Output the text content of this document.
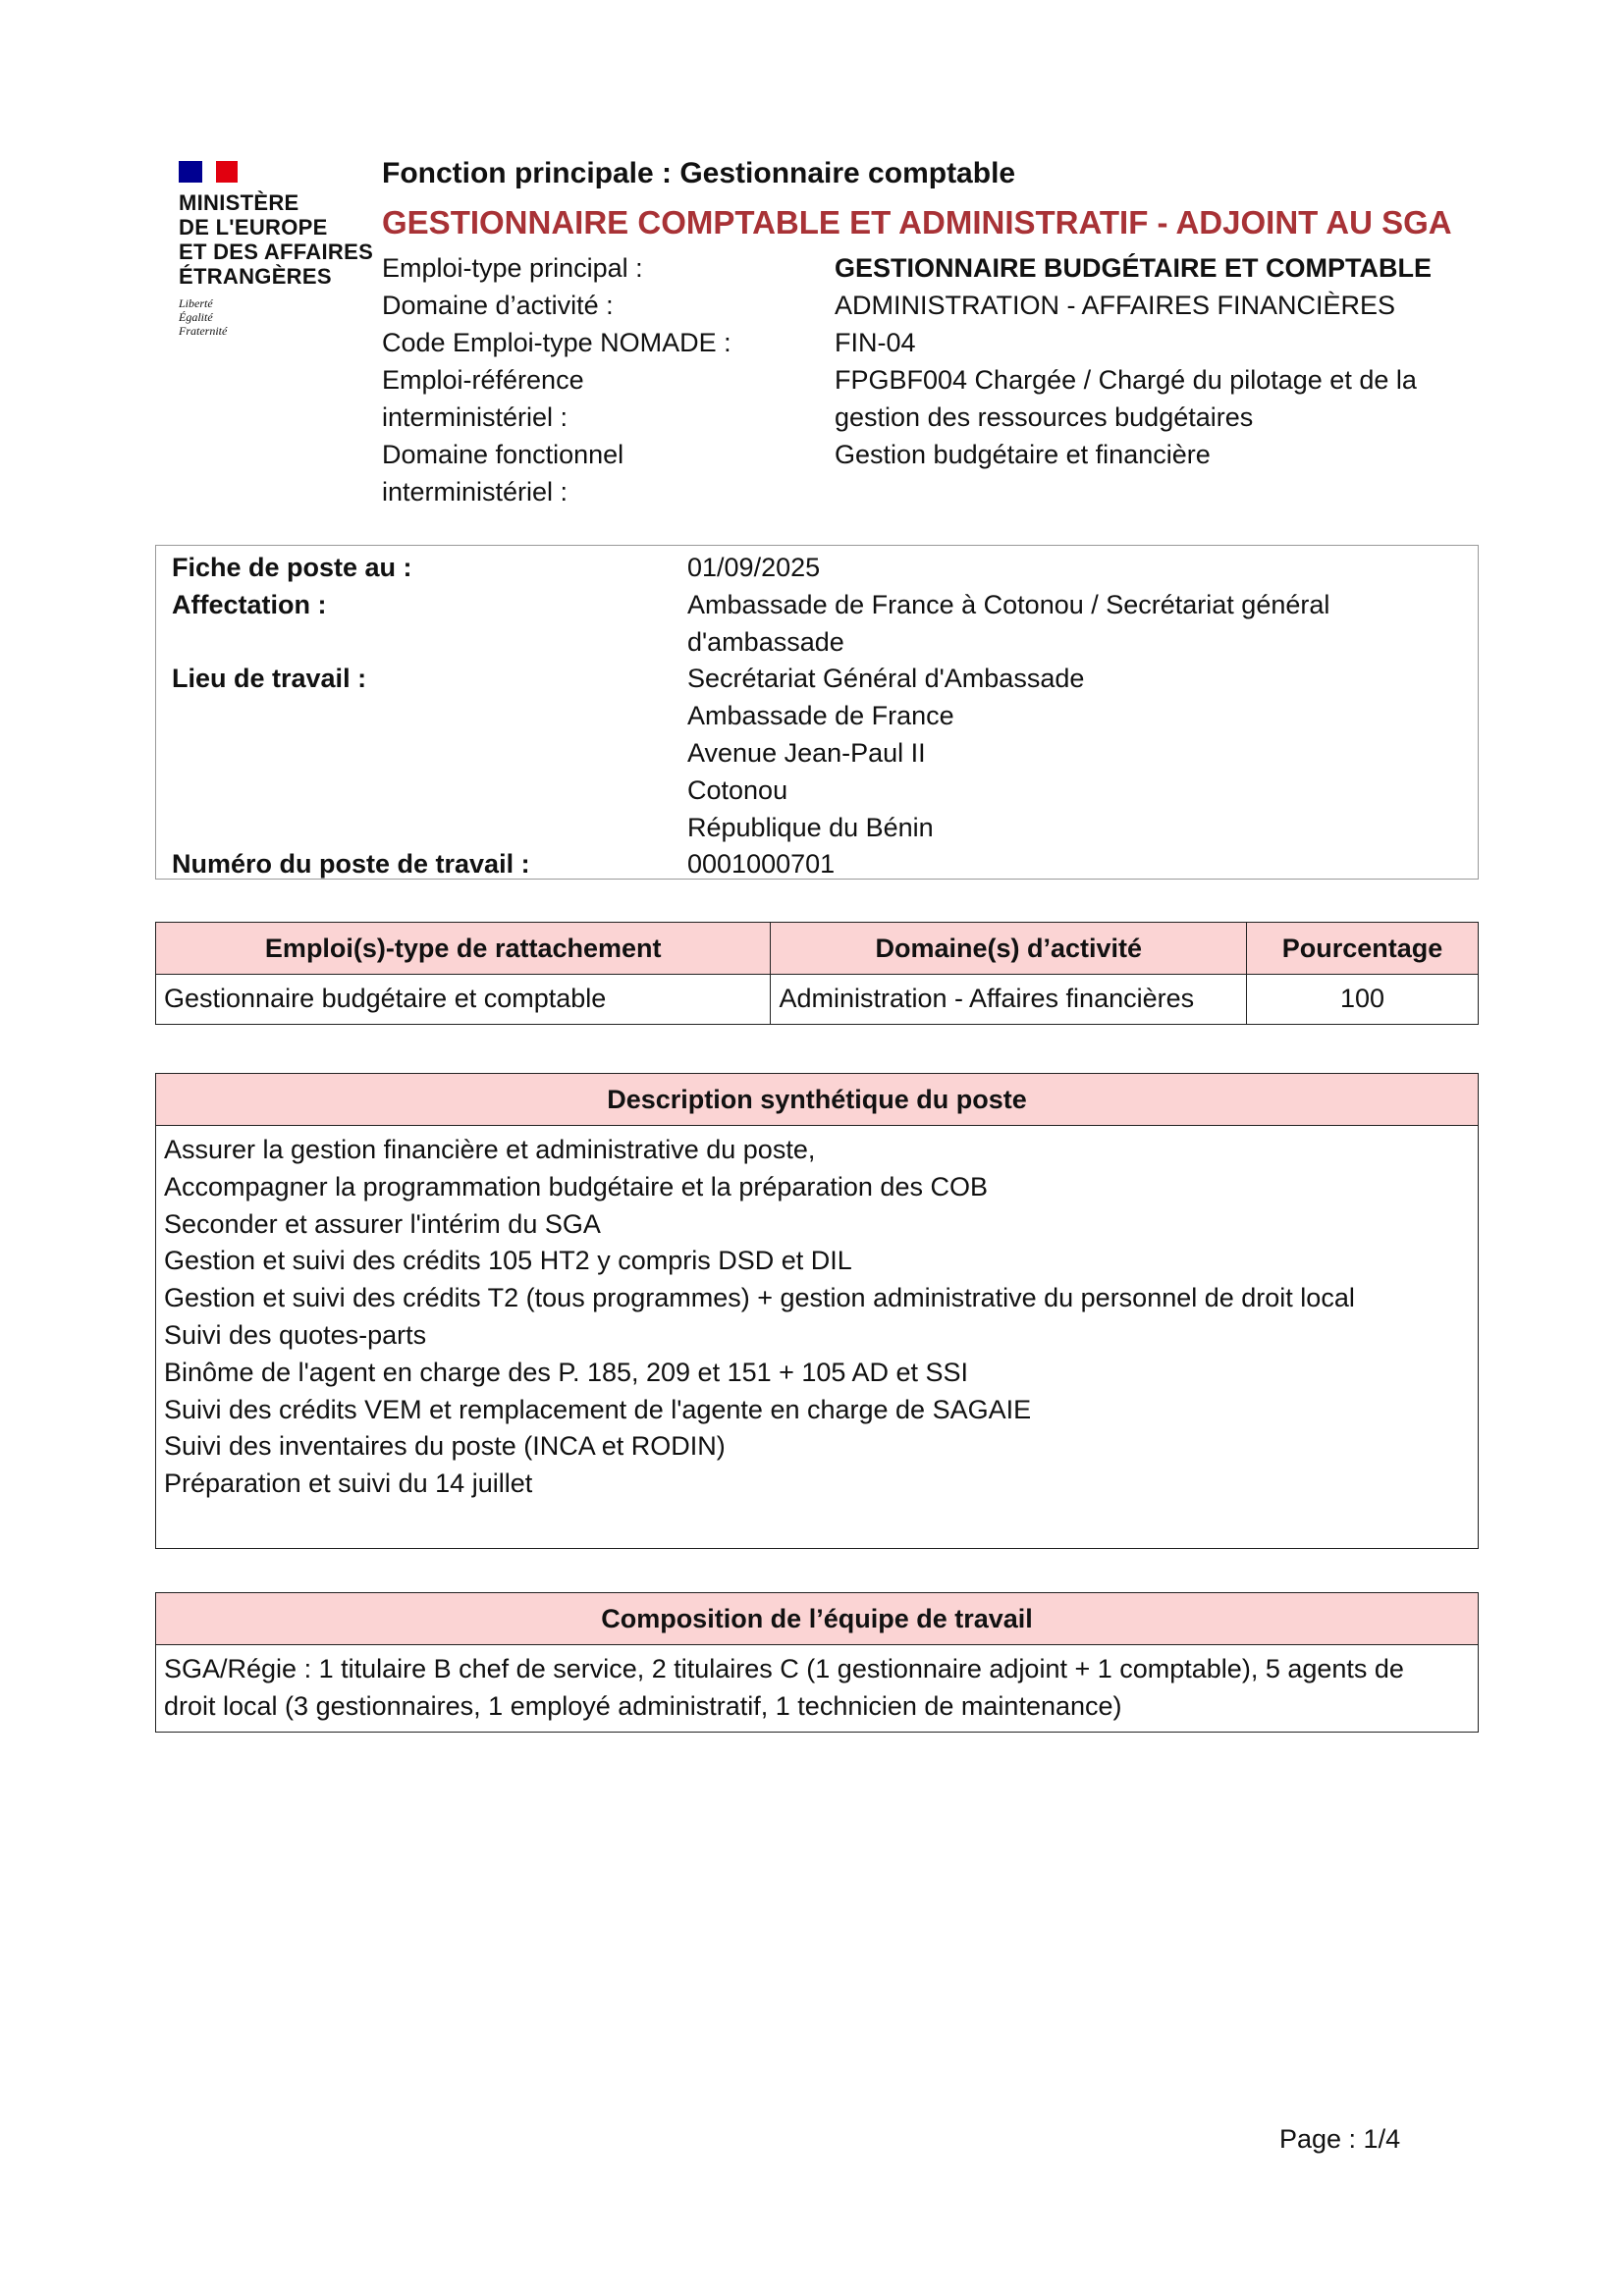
MINISTÈRE
DE L'EUROPE
ET DES AFFAIRES
ÉTRANGÈRES
Liberté
Égalité
Fraternité
Fonction principale : Gestionnaire comptable
GESTIONNAIRE COMPTABLE ET ADMINISTRATIF - ADJOINT AU SGA
Emploi-type principal :	GESTIONNAIRE BUDGÉTAIRE ET COMPTABLE
Domaine d’activité :	ADMINISTRATION - AFFAIRES FINANCIÈRES
Code Emploi-type NOMADE :	FIN-04
Emploi-référence	FPGBF004 Chargée / Chargé du pilotage et de la
interministériel :	gestion des ressources budgétaires
Domaine fonctionnel	Gestion budgétaire et financière
interministériel :
Fiche de poste au :	01/09/2025
Affectation :	Ambassade de France à Cotonou / Secrétariat général
d'ambassade
Lieu de travail :	Secrétariat Général d'Ambassade
Ambassade de France
Avenue Jean-Paul II
Cotonou
République du Bénin
Numéro du poste de travail :	0001000701
Emploi(s)-type de rattachement	Domaine(s) d’activité	Pourcentage
Gestionnaire budgétaire et comptable	Administration - Affaires financières	100
Description synthétique du poste

Assurer la gestion financière et administrative du poste,
Accompagner la programmation budgétaire et la préparation des COB
Seconder et assurer l'intérim du SGA
Gestion et suivi des crédits 105 HT2 y compris DSD et DIL
Gestion et suivi des crédits T2 (tous programmes) + gestion administrative du personnel de droit local
Suivi des quotes-parts
Binôme de l'agent en charge des P. 185, 209 et 151 + 105 AD et SSI
Suivi des crédits VEM et remplacement de l'agente en charge de SAGAIE
Suivi des inventaires du poste (INCA et RODIN)
Préparation et suivi du 14 juillet
Composition de l’équipe de travail

SGA/Régie : 1 titulaire B chef de service, 2 titulaires C (1 gestionnaire adjoint + 1 comptable), 5 agents de
droit local (3 gestionnaires, 1 employé administratif, 1 technicien de maintenance)
Page : 1/4
